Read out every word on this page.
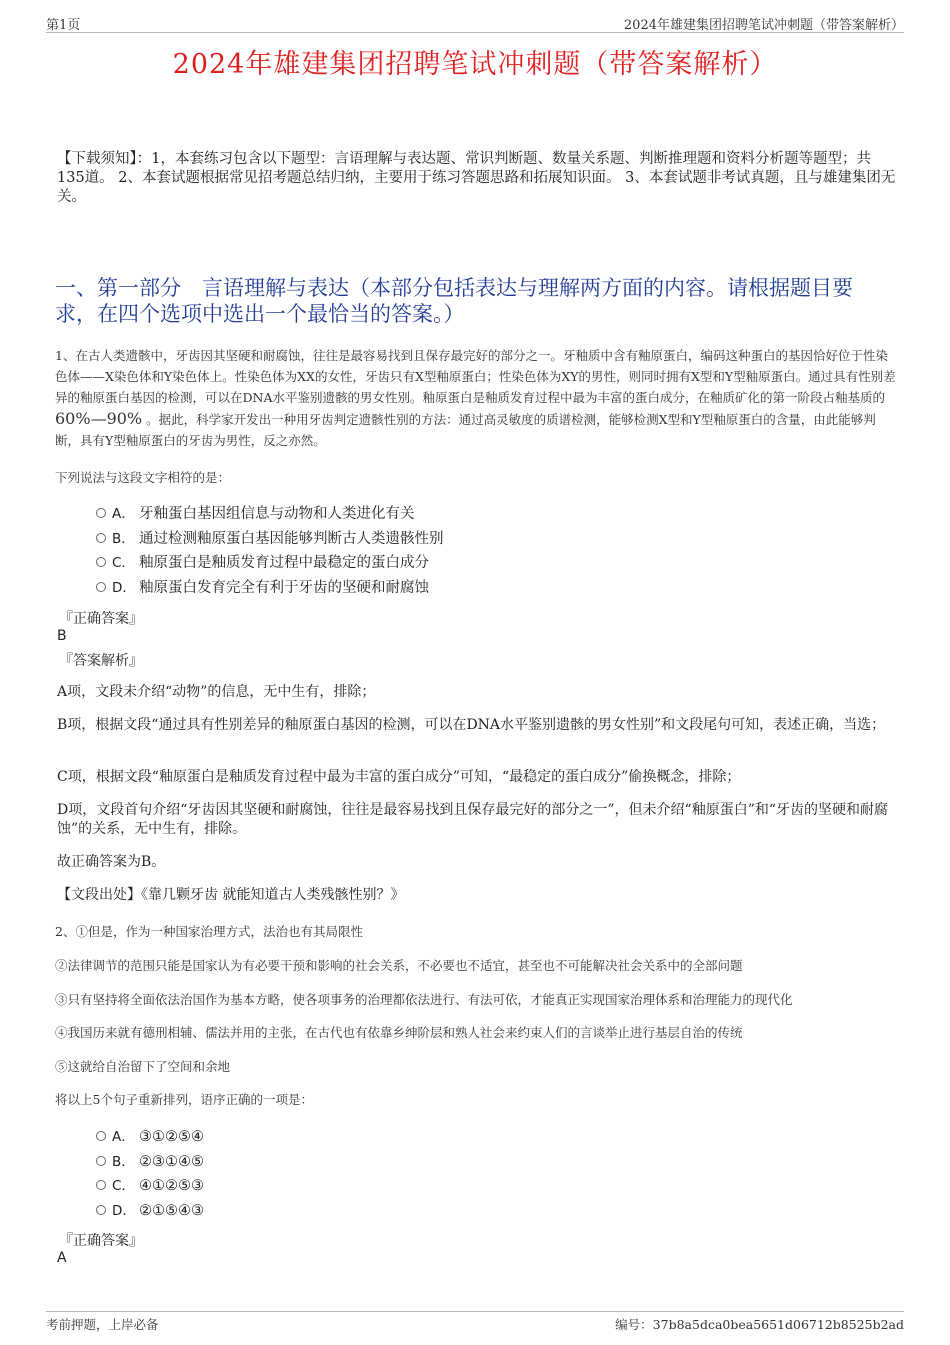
第1页	2024年雄建集团招聘笔试冲刺题（带答案解析）
2024年雄建集团招聘笔试冲刺题（带答案解析）
【下载须知】：1，本套练习包含以下题型：言语理解与表达题、常识判断题、数量关系题、判断推理题和资料分析题等题型；共135道。 2、本套试题根据常见招考题总结归纳，主要用于练习答题思路和拓展知识面。 3、本套试题非考试真题，且与雄建集团无关。
一、第一部分　言语理解与表达（本部分包括表达与理解两方面的内容。请根据题目要求，在四个选项中选出一个最恰当的答案。）
1、在古人类遗骸中，牙齿因其坚硬和耐腐蚀，往往是最容易找到且保存最完好的部分之一。牙釉质中含有釉原蛋白，编码这种蛋白的基因恰好位于性染色体——X染色体和Y染色体上。性染色体为XX的女性，牙齿只有X型釉原蛋白；性染色体为XY的男性，则同时拥有X型和Y型釉原蛋白。通过具有性别差异的釉原蛋白基因的检测，可以在DNA水平鉴别遗骸的男女性别。釉原蛋白是釉质发育过程中最为丰富的蛋白成分，在釉质矿化的第一阶段占釉基质的 60%—90% 。据此，科学家开发出一种用牙齿判定遗骸性别的方法：通过高灵敏度的质谱检测，能够检测X型和Y型釉原蛋白的含量，由此能够判断，具有Y型釉原蛋白的牙齿为男性，反之亦然。
下列说法与这段文字相符的是：
A． 牙釉蛋白基因组信息与动物和人类进化有关
B． 通过检测釉原蛋白基因能够判断古人类遗骸性别
C． 釉原蛋白是釉质发育过程中最稳定的蛋白成分
D． 釉原蛋白发育完全有利于牙齿的坚硬和耐腐蚀
『正确答案』
B
『答案解析』
A项，文段未介绍“动物”的信息，无中生有，排除；
B项，根据文段“通过具有性别差异的釉原蛋白基因的检测，可以在DNA水平鉴别遗骸的男女性别”和文段尾句可知，表述正确，当选；
C项，根据文段“釉原蛋白是釉质发育过程中最为丰富的蛋白成分”可知，“最稳定的蛋白成分”偷换概念，排除；
D项，文段首句介绍“牙齿因其坚硬和耐腐蚀，往往是最容易找到且保存最完好的部分之一”，但未介绍“釉原蛋白”和“牙齿的坚硬和耐腐蚀”的关系，无中生有，排除。
故正确答案为B。
【文段出处】《靠几颗牙齿 就能知道古人类残骸性别？》
2、①但是，作为一种国家治理方式，法治也有其局限性
②法律调节的范围只能是国家认为有必要干预和影响的社会关系，不必要也不适宜，甚至也不可能解决社会关系中的全部问题
③只有坚持将全面依法治国作为基本方略，使各项事务的治理都依法进行、有法可依，才能真正实现国家治理体系和治理能力的现代化
④我国历来就有德刑相辅、儒法并用的主张，在古代也有依靠乡绅阶层和熟人社会来约束人们的言谈举止进行基层自治的传统
⑤这就给自治留下了空间和余地
将以上5个句子重新排列，语序正确的一项是：
A． ③①②⑤④
B． ②③①④⑤
C． ④①②⑤③
D． ②①⑤④③
『正确答案』
A
考前押题，上岸必备	编号：37b8a5dca0bea5651d06712b8525b2ad
